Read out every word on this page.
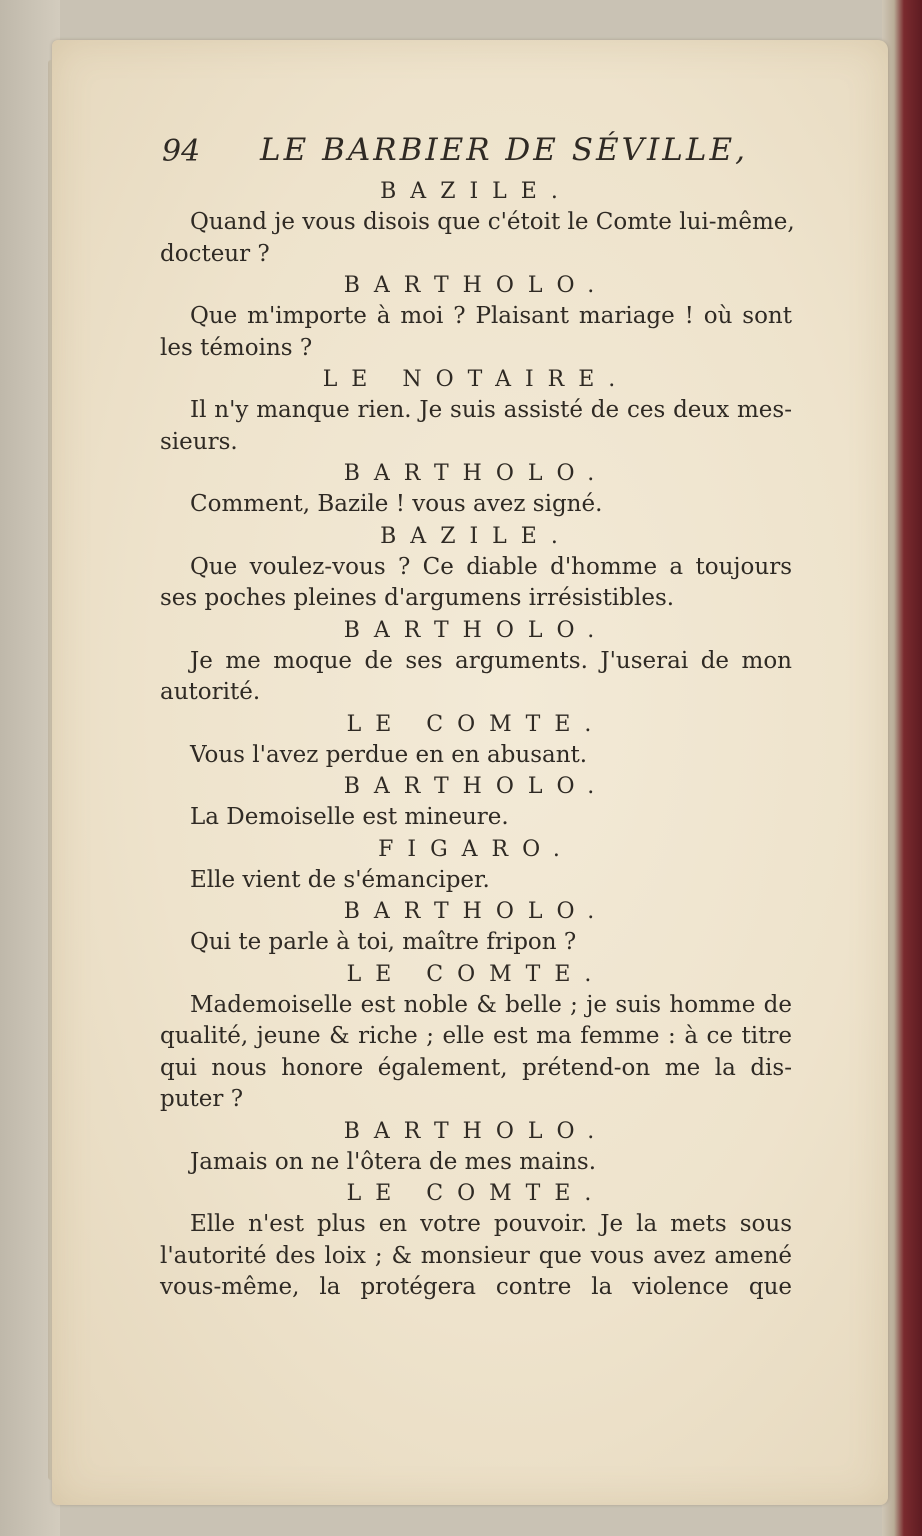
94 LE BARBIER DE SÉVILLE,
BAZILE.
Quand je vous disois que c'étoit le Comte lui-même,
docteur ?
BARTHOLO.
Que m'importe à moi ? Plaisant mariage ! où sont
les témoins ?
LE NOTAIRE.
Il n'y manque rien. Je suis assisté de ces deux mes-
sieurs.
BARTHOLO.
Comment, Bazile ! vous avez signé.
BAZILE.
Que voulez-vous ? Ce diable d'homme a toujours
ses poches pleines d'argumens irrésistibles.
BARTHOLO.
Je me moque de ses arguments. J'userai de mon
autorité.
LE COMTE.
Vous l'avez perdue en en abusant.
BARTHOLO.
La Demoiselle est mineure.
FIGARO.
Elle vient de s'émanciper.
BARTHOLO.
Qui te parle à toi, maître fripon ?
LE COMTE.
Mademoiselle est noble & belle ; je suis homme de
qualité, jeune & riche ; elle est ma femme : à ce titre
qui nous honore également, prétend-on me la dis-
puter ?
BARTHOLO.
Jamais on ne l'ôtera de mes mains.
LE COMTE.
Elle n'est plus en votre pouvoir. Je la mets sous
l'autorité des loix ; & monsieur que vous avez amené
vous-même, la protégera contre la violence que
